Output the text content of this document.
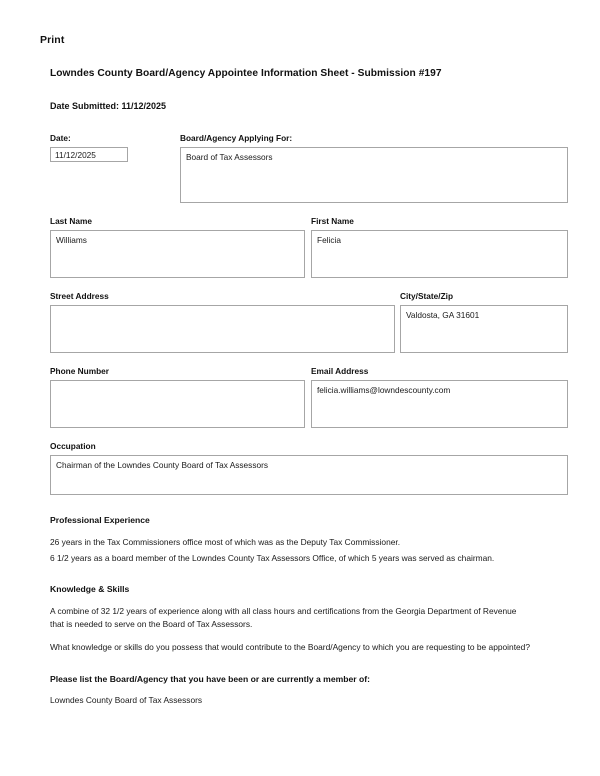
Print
Lowndes County Board/Agency Appointee Information Sheet - Submission #197
Date Submitted: 11/12/2025
Date:
11/12/2025
Board/Agency Applying For:
Board of Tax Assessors
Last Name
Williams
First Name
Felicia
Street Address	City/State/Zip
Valdosta, GA 31601
Phone Number	Email Address
felicia.williams@lowndescounty.com
Occupation
Chairman of the Lowndes County Board of Tax Assessors
Professional Experience

26 years in the Tax Commissioners office most of which was as the Deputy Tax Commissioner.

6 1/2 years as a board member of the Lowndes County Tax Assessors Office, of which 5 years was served as chairman.

Knowledge & Skills

A combine of 32 1/2 years of experience along with all class hours and certifications from the Georgia Department of Revenue that is needed to serve on the Board of Tax Assessors.

What knowledge or skills do you possess that would contribute to the Board/Agency to which you are requesting to be appointed?

Please list the Board/Agency that you have been or are currently a member of:

Lowndes County Board of Tax Assessors
